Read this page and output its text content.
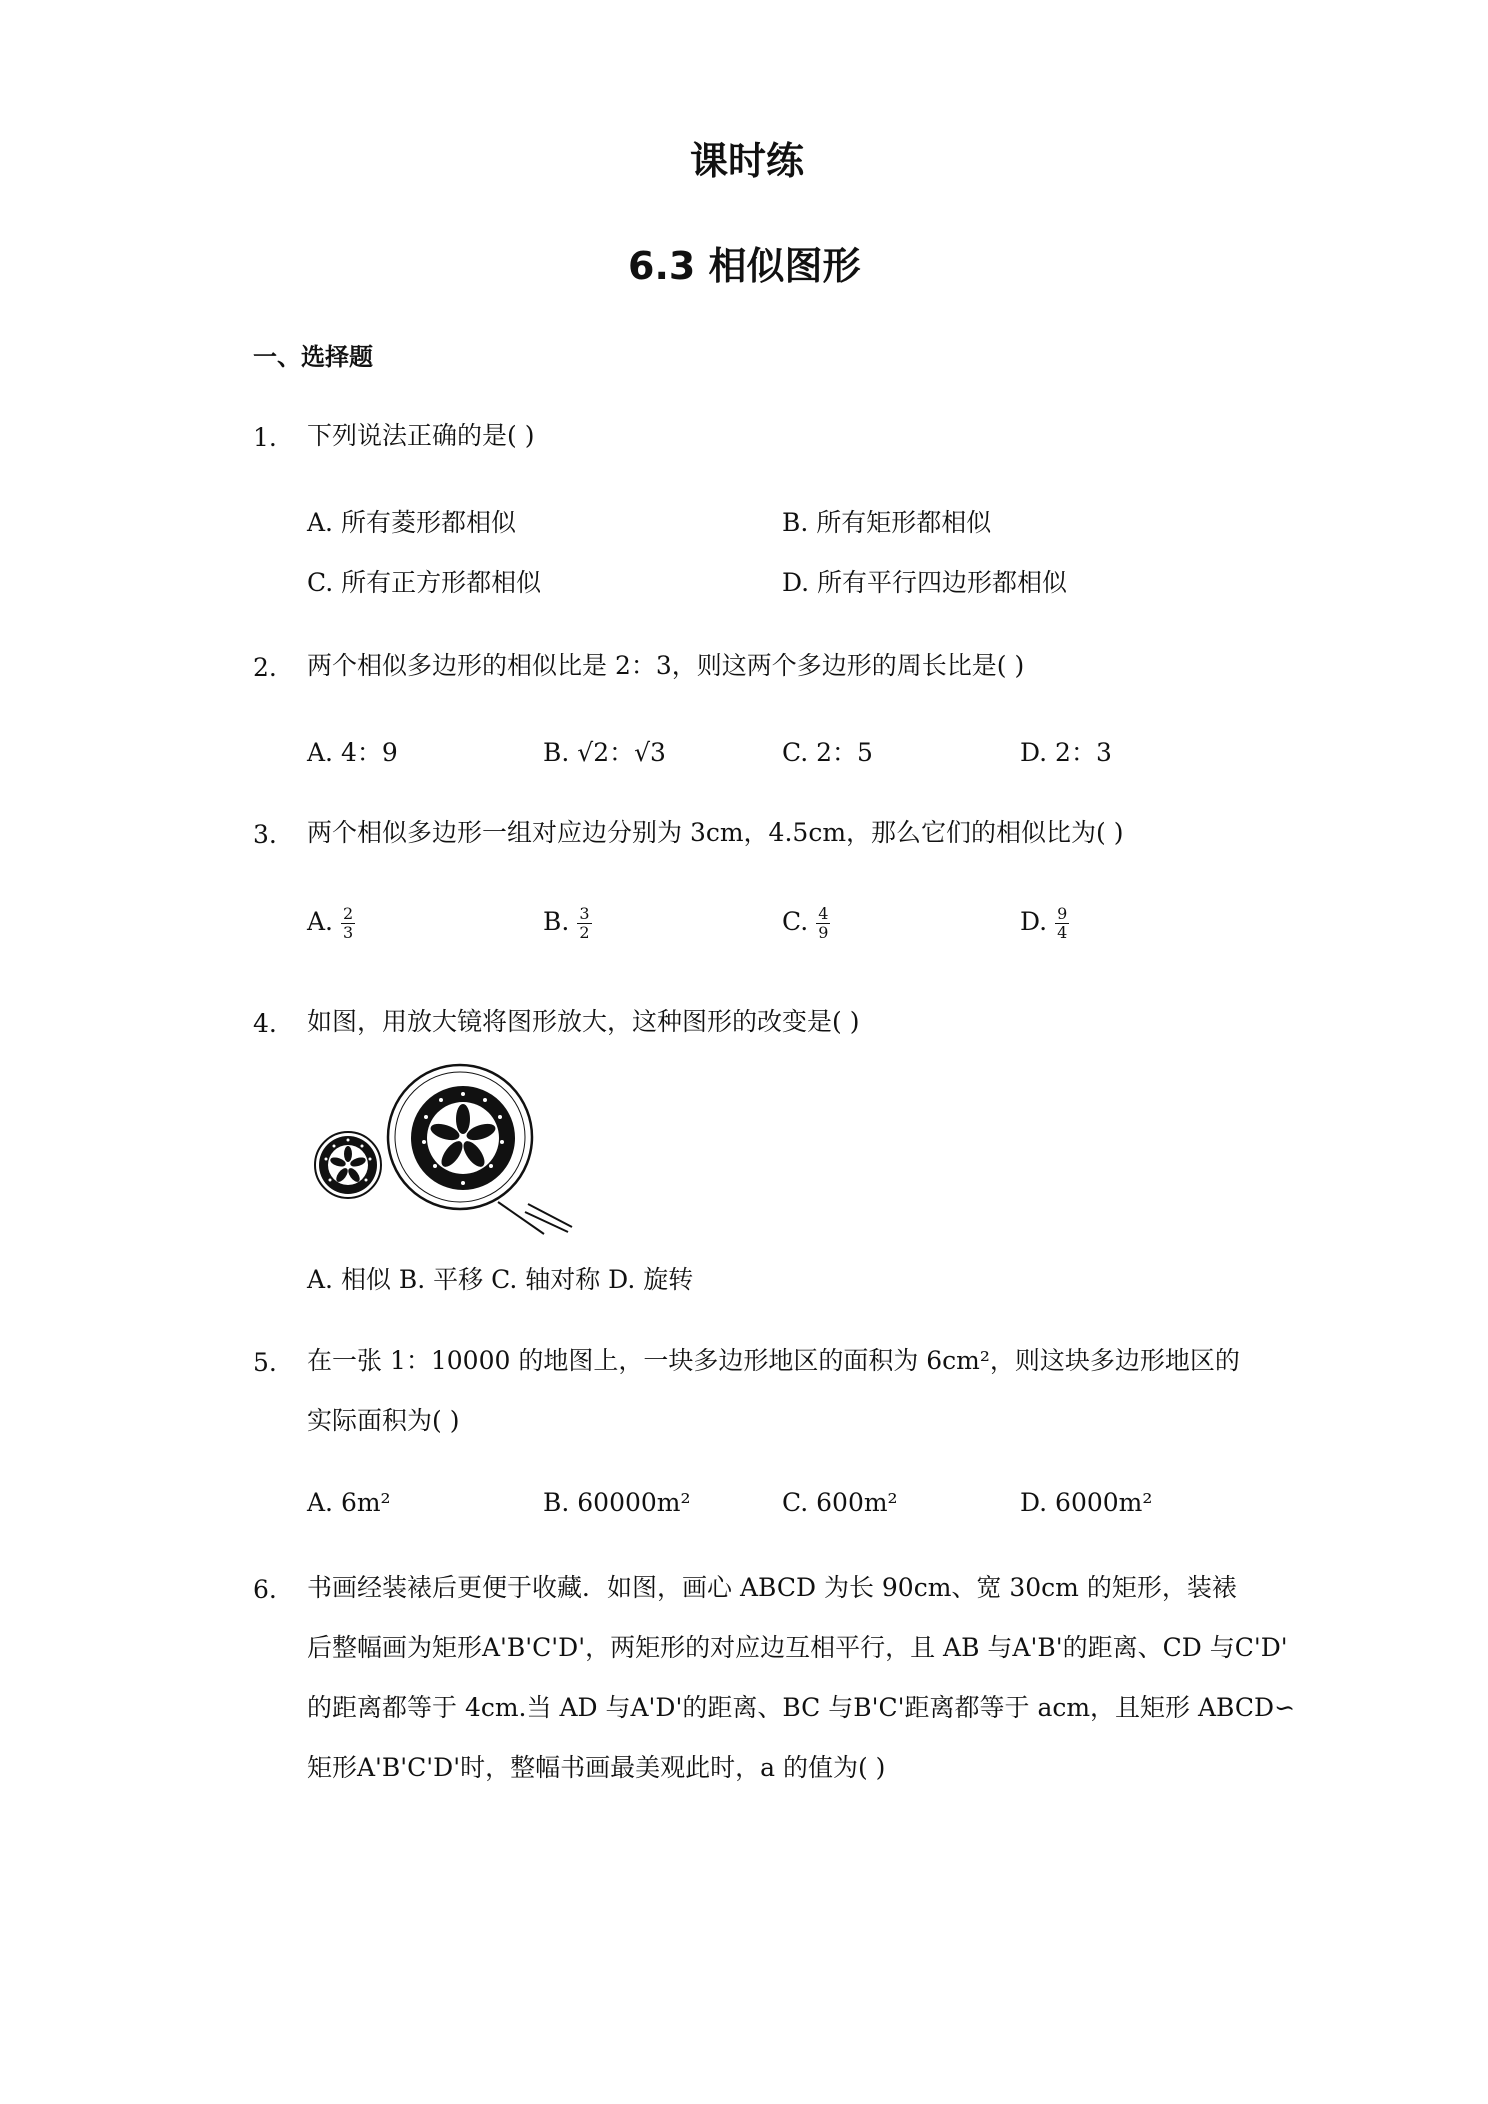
课时练
6.3 相似图形
一、选择题
1. 下列说法正确的是( )
A. 所有菱形都相似	B. 所有矩形都相似
C. 所有正方形都相似	D. 所有平行四边形都相似
2. 两个相似多边形的相似比是 2：3，则这两个多边形的周长比是( )
A. 4：9	B. √2：√3	C. 2：5	D. 2：3
3. 两个相似多边形一组对应边分别为 3cm，4.5cm，那么它们的相似比为( )
A. $\frac{2}{3}$	B. $\frac{3}{2}$	C. $\frac{4}{9}$	D. $\frac{9}{4}$
4. 如图，用放大镜将图形放大，这种图形的改变是( )
A. 相似 B. 平移 C. 轴对称 D. 旋转
5. 在一张 1：10000 的地图上，一块多边形地区的面积为 6cm²，则这块多边形地区的
实际面积为( )
A. 6m²	B. 60000m²	C. 600m²	D. 6000m²
6. 书画经装裱后更便于收藏．如图，画心 ABCD 为长 90cm、宽 30cm 的矩形，装裱
后整幅画为矩形A'B'C'D'，两矩形的对应边互相平行，且 AB 与A'B'的距离、CD 与C'D'
的距离都等于 4cm.当 AD 与A'D'的距离、BC 与B'C'距离都等于 acm，且矩形 ABCD∽
矩形A'B'C'D'时，整幅书画最美观此时，a 的值为( )
